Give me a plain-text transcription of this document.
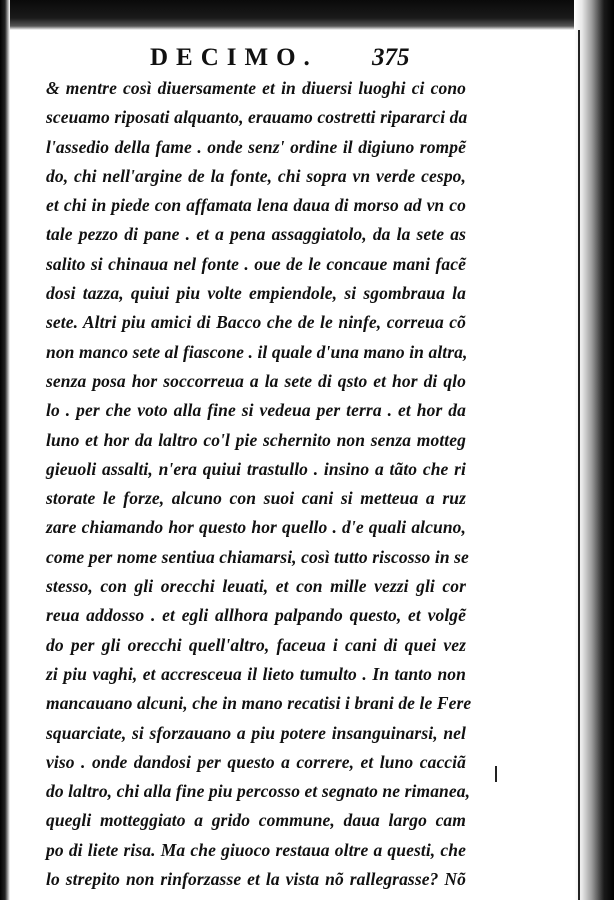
DECIMO. 375
& mentre così diuersamente et in diuersi luoghi ci cono
sceuamo riposati alquanto, erauamo costretti ripararci da
l'assedio della fame . onde senz' ordine il digiuno rompẽ
do, chi nell'argine de la fonte, chi sopra vn verde cespo,
et chi in piede con affamata lena daua di morso ad vn co
tale pezzo di pane . et a pena assaggiatolo, da la sete as
salito si chinaua nel fonte . oue de le concaue mani facẽ
dosi tazza, quiui piu volte empiendole, si sgombraua la
sete. Altri piu amici di Bacco che de le ninfe, correua cõ
non manco sete al fiascone . il quale d'una mano in altra,
senza posa hor soccorreua a la sete di qsto et hor di qlo
lo . per che voto alla fine si vedeua per terra . et hor da
luno et hor da laltro co'l pie schernito non senza motteg
gieuoli assalti, n'era quiui trastullo . insino a tãto che ri
storate le forze, alcuno con suoi cani si metteua a ruz
zare chiamando hor questo hor quello . d'e quali alcuno,
come per nome sentiua chiamarsi, così tutto riscosso in se
stesso, con gli orecchi leuati, et con mille vezzi gli cor
reua addosso . et egli allhora palpando questo, et volgẽ
do per gli orecchi quell'altro, faceua i cani di quei vez
zi piu vaghi, et accresceua il lieto tumulto . In tanto non
mancauano alcuni, che in mano recatisi i brani de le Fere
squarciate, si sforzauano a piu potere insanguinarsi, nel
viso . onde dandosi per questo a correre, et luno cacciã
do laltro, chi alla fine piu percosso et segnato ne rimanea,
quegli motteggiato a grido commune, daua largo cam
po di liete risa. Ma che giuoco restaua oltre a questi, che
lo strepito non rinforzasse et la vista nõ rallegrasse? Nõ
